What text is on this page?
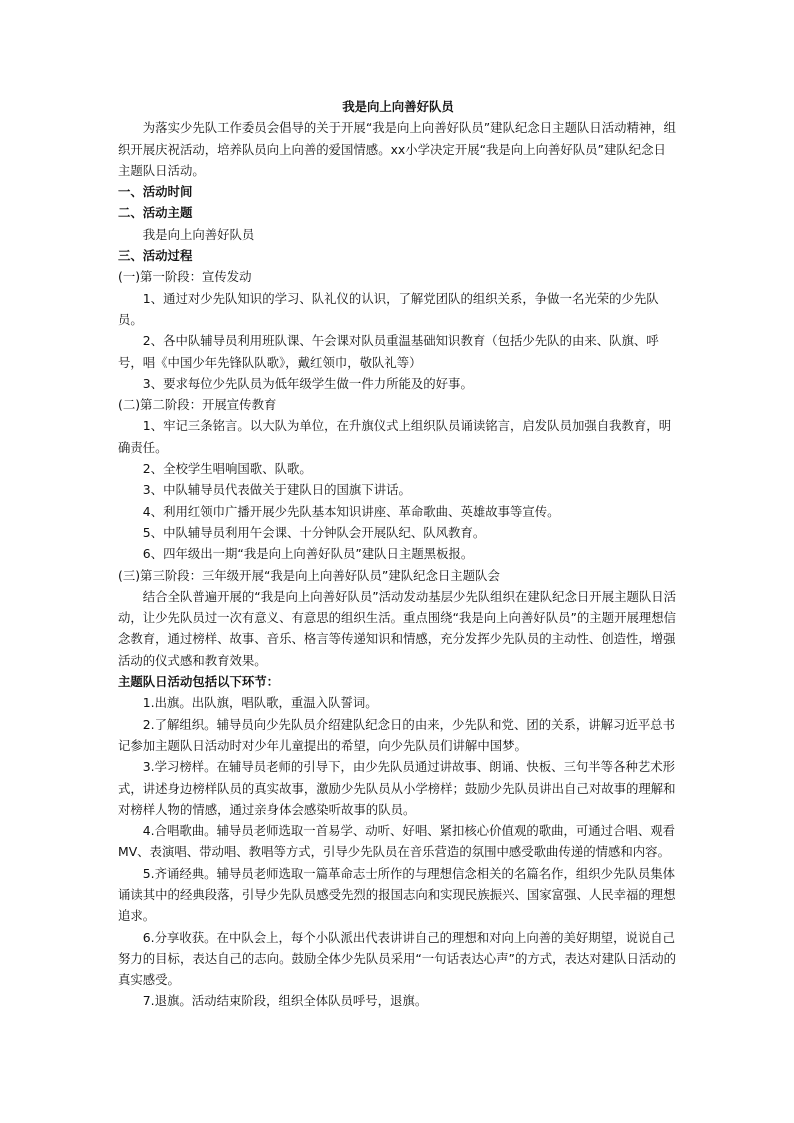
我是向上向善好队员

为落实少先队工作委员会倡导的关于开展“我是向上向善好队员”建队纪念日主题队日活动精神，组织开展庆祝活动，培养队员向上向善的爱国情感。xx小学决定开展“我是向上向善好队员”建队纪念日主题队日活动。

一、活动时间

二、活动主题

我是向上向善好队员

三、活动过程

(一)第一阶段：宣传发动

1、通过对少先队知识的学习、队礼仪的认识，了解党团队的组织关系，争做一名光荣的少先队员。

2、各中队辅导员利用班队课、午会课对队员重温基础知识教育（包括少先队的由来、队旗、呼号，唱《中国少年先锋队队歌》，戴红领巾，敬队礼等）

3、要求每位少先队员为低年级学生做一件力所能及的好事。

(二)第二阶段：开展宣传教育

1、牢记三条铭言。以大队为单位，在升旗仪式上组织队员诵读铭言，启发队员加强自我教育，明确责任。

2、全校学生唱响国歌、队歌。

3、中队辅导员代表做关于建队日的国旗下讲话。

4、利用红领巾广播开展少先队基本知识讲座、革命歌曲、英雄故事等宣传。

5、中队辅导员利用午会课、十分钟队会开展队纪、队风教育。

6、四年级出一期“我是向上向善好队员”建队日主题黑板报。

(三)第三阶段：三年级开展“我是向上向善好队员”建队纪念日主题队会

结合全队普遍开展的“我是向上向善好队员”活动发动基层少先队组织在建队纪念日开展主题队日活动，让少先队员过一次有意义、有意思的组织生活。重点围绕“我是向上向善好队员”的主题开展理想信念教育，通过榜样、故事、音乐、格言等传递知识和情感，充分发挥少先队员的主动性、创造性，增强活动的仪式感和教育效果。

主题队日活动包括以下环节：

1.出旗。出队旗，唱队歌，重温入队誓词。

2.了解组织。辅导员向少先队员介绍建队纪念日的由来，少先队和党、团的关系，讲解习近平总书记参加主题队日活动时对少年儿童提出的希望，向少先队员们讲解中国梦。

3.学习榜样。在辅导员老师的引导下，由少先队员通过讲故事、朗诵、快板、三句半等各种艺术形式，讲述身边榜样队员的真实故事，激励少先队员从小学榜样；鼓励少先队员讲出自己对故事的理解和对榜样人物的情感，通过亲身体会感染听故事的队员。

4.合唱歌曲。辅导员老师选取一首易学、动听、好唱、紧扣核心价值观的歌曲，可通过合唱、观看MV、表演唱、带动唱、教唱等方式，引导少先队员在音乐营造的氛围中感受歌曲传递的情感和内容。

5.齐诵经典。辅导员老师选取一篇革命志士所作的与理想信念相关的名篇名作，组织少先队员集体诵读其中的经典段落，引导少先队员感受先烈的报国志向和实现民族振兴、国家富强、人民幸福的理想追求。

6.分享收获。在中队会上，每个小队派出代表讲讲自己的理想和对向上向善的美好期望，说说自己努力的目标，表达自己的志向。鼓励全体少先队员采用“一句话表达心声”的方式，表达对建队日活动的真实感受。

7.退旗。活动结束阶段，组织全体队员呼号，退旗。
